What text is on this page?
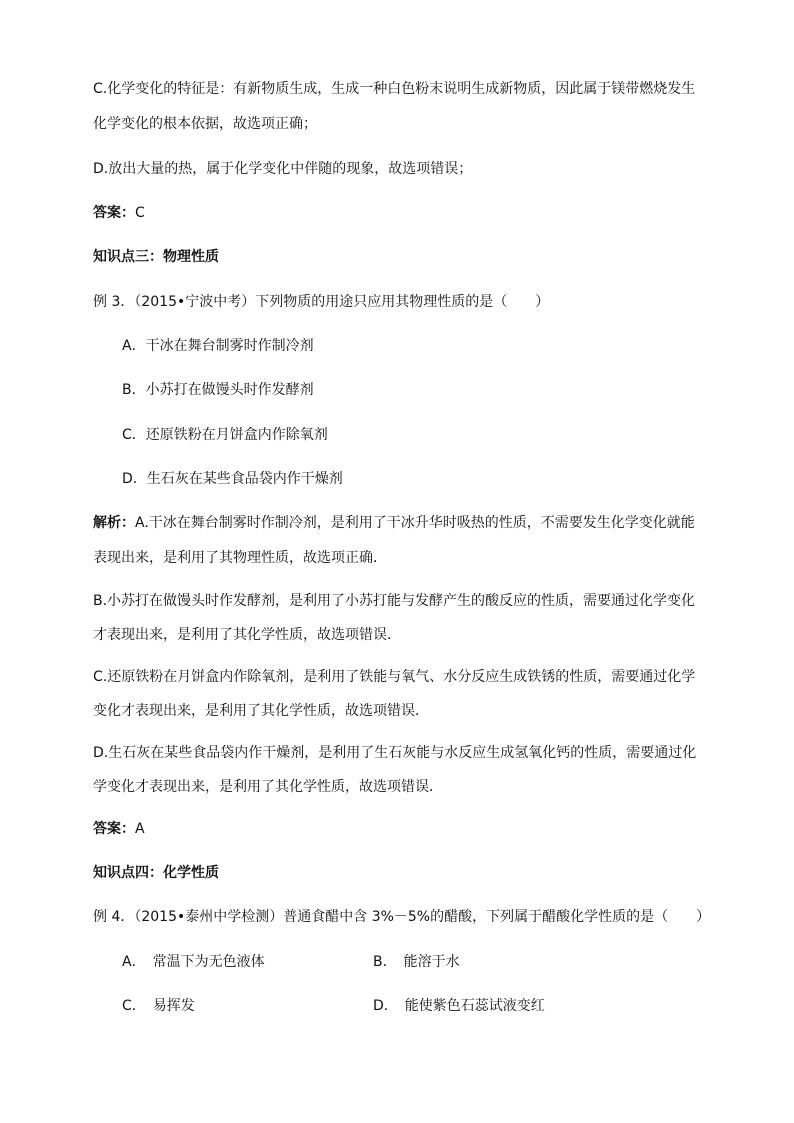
C.化学变化的特征是：有新物质生成，生成一种白色粉末说明生成新物质，因此属于镁带燃烧发生
化学变化的根本依据，故选项正确；
D.放出大量的热，属于化学变化中伴随的现象，故选项错误；
答案：C
知识点三：物理性质
例 3．（2015•宁波中考）下列物质的用途只应用其物理性质的是（　　）
A．干冰在舞台制雾时作制冷剂
B．小苏打在做馒头时作发酵剂
C．还原铁粉在月饼盒内作除氧剂
D．生石灰在某些食品袋内作干燥剂
解析：A.干冰在舞台制雾时作制冷剂，是利用了干冰升华时吸热的性质，不需要发生化学变化就能
表现出来，是利用了其物理性质，故选项正确．
B.小苏打在做馒头时作发酵剂，是利用了小苏打能与发酵产生的酸反应的性质，需要通过化学变化
才表现出来，是利用了其化学性质，故选项错误．
C.还原铁粉在月饼盒内作除氧剂，是利用了铁能与氧气、水分反应生成铁锈的性质，需要通过化学
变化才表现出来，是利用了其化学性质，故选项错误．
D.生石灰在某些食品袋内作干燥剂，是利用了生石灰能与水反应生成氢氧化钙的性质，需要通过化
学变化才表现出来，是利用了其化学性质，故选项错误．
答案：A
知识点四：化学性质
例 4．（2015•泰州中学检测）普通食醋中含 3%－5%的醋酸，下列属于醋酸化学性质的是（　　）
A．　常温下为无色液体	B．　能溶于水
C．　易挥发	D．　能使紫色石蕊试液变红
